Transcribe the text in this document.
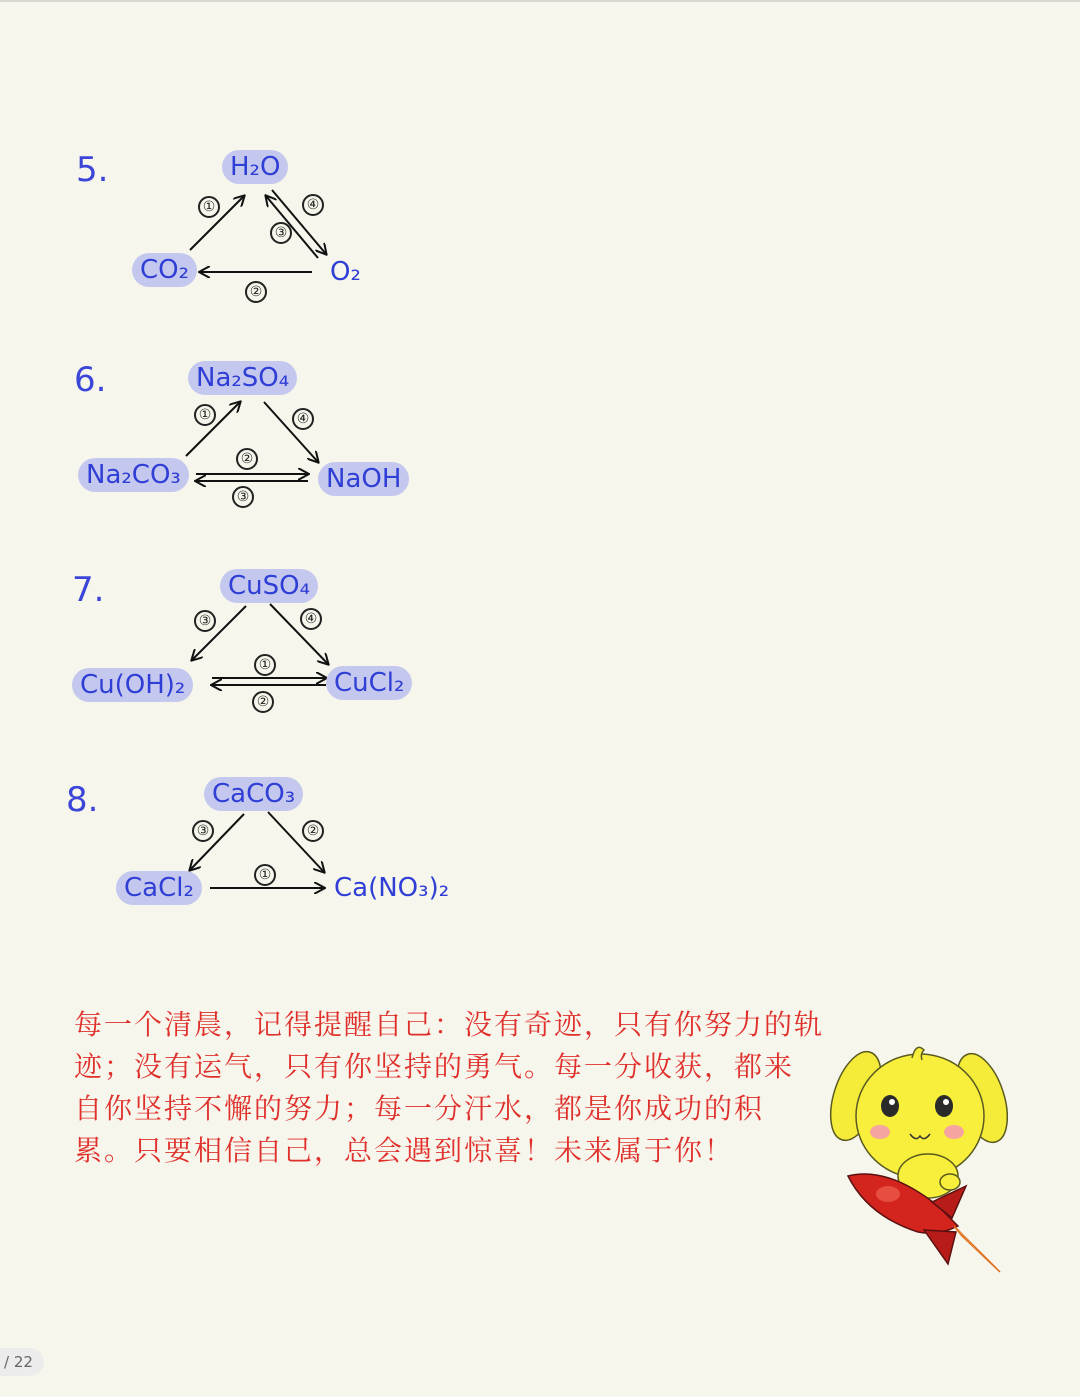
5.	H₂O
CO₂	O₂
①	④
③
②
6.	Na₂SO₄
Na₂CO₃	NaOH
①	④
②
③
7.	CuSO₄
Cu(OH)₂	CuCl₂
③	④
①
②
8.	CaCO₃
CaCl₂	Ca(NO₃)₂
③	②
①
每一个清晨，记得提醒自己：没有奇迹，只有你努力的轨
迹；没有运气，只有你坚持的勇气。每一分收获，都来
自你坚持不懈的努力；每一分汗水，都是你成功的积
累。只要相信自己，总会遇到惊喜！未来属于你！
/ 22
